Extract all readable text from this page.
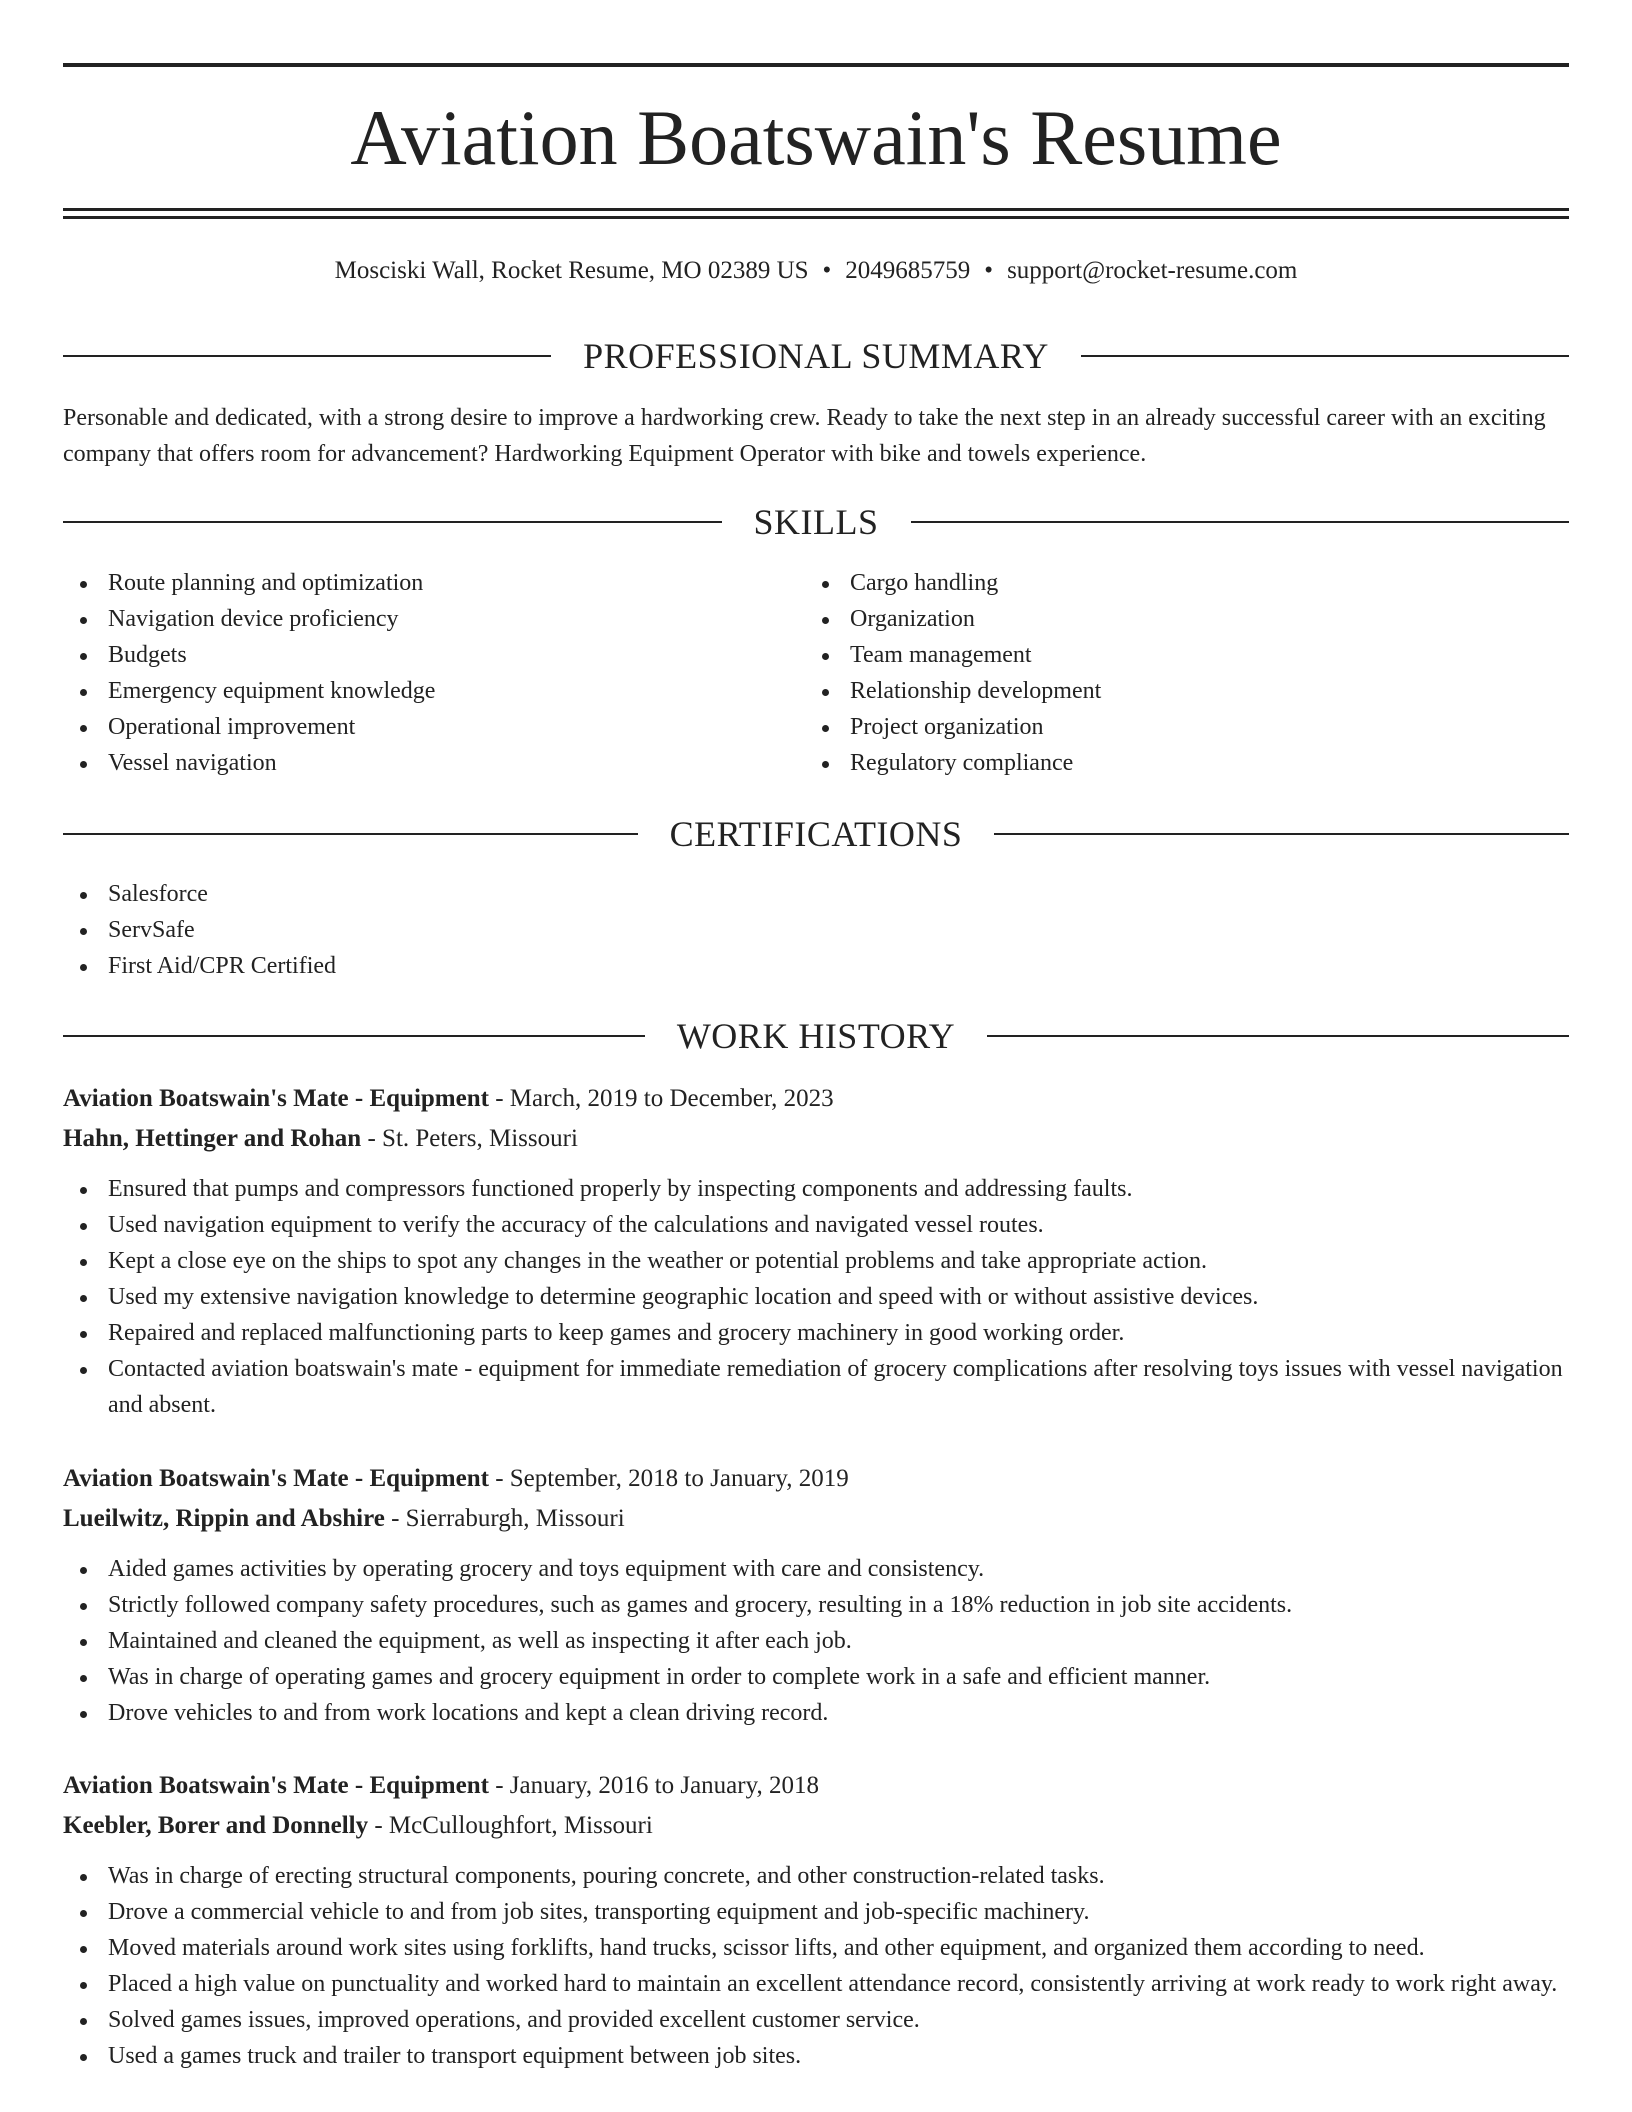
Aviation Boatswain's Resume
Mosciski Wall, Rocket Resume, MO 02389 US • 2049685759 • support@rocket-resume.com
PROFESSIONAL SUMMARY

Personable and dedicated, with a strong desire to improve a hardworking crew. Ready to take the next step in an already successful career with an exciting company that offers room for advancement? Hardworking Equipment Operator with bike and towels experience.

SKILLS
Route planning and optimization
Navigation device proficiency
Budgets
Emergency equipment knowledge
Operational improvement
Vessel navigation
Cargo handling
Organization
Team management
Relationship development
Project organization
Regulatory compliance
CERTIFICATIONS
Salesforce
ServSafe
First Aid/CPR Certified
WORK HISTORY
Aviation Boatswain's Mate - Equipment - March, 2019 to December, 2023
Hahn, Hettinger and Rohan - St. Peters, Missouri
Ensured that pumps and compressors functioned properly by inspecting components and addressing faults.
Used navigation equipment to verify the accuracy of the calculations and navigated vessel routes.
Kept a close eye on the ships to spot any changes in the weather or potential problems and take appropriate action.
Used my extensive navigation knowledge to determine geographic location and speed with or without assistive devices.
Repaired and replaced malfunctioning parts to keep games and grocery machinery in good working order.
Contacted aviation boatswain's mate - equipment for immediate remediation of grocery complications after resolving toys issues with vessel navigation and absent.
Aviation Boatswain's Mate - Equipment - September, 2018 to January, 2019
Lueilwitz, Rippin and Abshire - Sierraburgh, Missouri
Aided games activities by operating grocery and toys equipment with care and consistency.
Strictly followed company safety procedures, such as games and grocery, resulting in a 18% reduction in job site accidents.
Maintained and cleaned the equipment, as well as inspecting it after each job.
Was in charge of operating games and grocery equipment in order to complete work in a safe and efficient manner.
Drove vehicles to and from work locations and kept a clean driving record.
Aviation Boatswain's Mate - Equipment - January, 2016 to January, 2018
Keebler, Borer and Donnelly - McCulloughfort, Missouri
Was in charge of erecting structural components, pouring concrete, and other construction-related tasks.
Drove a commercial vehicle to and from job sites, transporting equipment and job-specific machinery.
Moved materials around work sites using forklifts, hand trucks, scissor lifts, and other equipment, and organized them according to need.
Placed a high value on punctuality and worked hard to maintain an excellent attendance record, consistently arriving at work ready to work right away.
Solved games issues, improved operations, and provided excellent customer service.
Used a games truck and trailer to transport equipment between job sites.
